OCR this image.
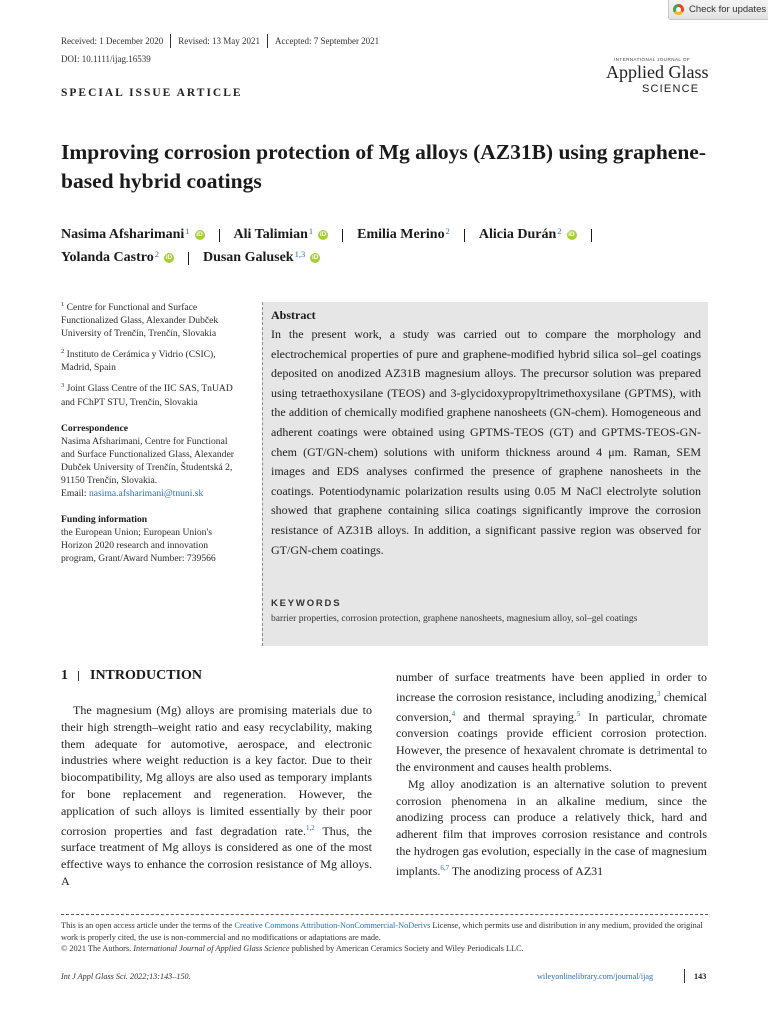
Check for updates
Received: 1 December 2020 Revised: 13 May 2021 Accepted: 7 September 2021
DOI: 10.1111/ijag.16539
SPECIAL ISSUE ARTICLE
INTERNATIONAL JOURNAL OF
Applied Glass
SCIENCE
Improving corrosion protection of Mg alloys (AZ31B) using graphene-based hybrid coatings
Nasima Afsharimani$^1$ iD Ali Talimian$^1$ iD Emilia Merino$^2$ Alicia Durán$^2$ iD
Yolanda Castro$^2$ iD Dusan Galusek$^{1,3}$ iD

$^1$ Centre for Functional and Surface Functionalized Glass, Alexander Dubček University of Trenčín, Trenčín, Slovakia

$^2$ Instituto de Cerámica y Vidrio (CSIC), Madrid, Spain

$^3$ Joint Glass Centre of the IIC SAS, TnUAD and FChPT STU, Trenčín, Slovakia

Correspondence

Nasima Afsharimani, Centre for Functional and Surface Functionalized Glass, Alexander Dubček University of Trenčín, Študentská 2, 91150 Trenčín, Slovakia.
Email: nasima.afsharimani@tnuni.sk

Funding information

the European Union; European Union's Horizon 2020 research and innovation program, Grant/Award Number: 739566

Abstract
In the present work, a study was carried out to compare the morphology and electrochemical properties of pure and graphene-modified hybrid silica sol–gel coatings deposited on anodized AZ31B magnesium alloys. The precursor solution was prepared using tetraethoxysilane (TEOS) and 3-glycidoxypropyltrimethoxysilane (GPTMS), with the addition of chemically modified graphene nanosheets (GN-chem). Homogeneous and adherent coatings were obtained using GPTMS-TEOS (GT) and GPTMS-TEOS-GN-chem (GT/GN-chem) solutions with uniform thickness around 4 μm. Raman, SEM images and EDS analyses confirmed the presence of graphene nanosheets in the coatings. Potentiodynamic polarization results using 0.05 M NaCl electrolyte solution showed that graphene containing silica coatings significantly improve the corrosion resistance of AZ31B alloys. In addition, a significant passive region was observed for GT/GN-chem coatings.
KEYWORDS
barrier properties, corrosion protection, graphene nanosheets, magnesium alloy, sol–gel coatings
1 INTRODUCTION

The magnesium (Mg) alloys are promising materials due to their high strength–weight ratio and easy recyclability, making them adequate for automotive, aerospace, and electronic industries where weight reduction is a key factor. Due to their biocompatibility, Mg alloys are also used as temporary implants for bone replacement and regeneration. However, the application of such alloys is limited essentially by their poor corrosion properties and fast degradation rate.$^{1,2}$ Thus, the surface treatment of Mg alloys is considered as one of the most effective ways to enhance the corrosion resistance of Mg alloys. A

number of surface treatments have been applied in order to increase the corrosion resistance, including anodizing,$^3$ chemical conversion,$^4$ and thermal spraying.$^5$ In particular, chromate conversion coatings provide efficient corrosion protection. However, the presence of hexavalent chromate is detrimental to the environment and causes health problems.

Mg alloy anodization is an alternative solution to prevent corrosion phenomena in an alkaline medium, since the anodizing process can produce a relatively thick, hard and adherent film that improves corrosion resistance and controls the hydrogen gas evolution, especially in the case of magnesium implants.$^{6,7}$ The anodizing process of AZ31

This is an open access article under the terms of the Creative Commons Attribution-NonCommercial-NoDerivs License, which permits use and distribution in any medium, provided the original work is properly cited, the use is non-commercial and no modifications or adaptations are made.

© 2021 The Authors. International Journal of Applied Glass Science published by American Ceramics Society and Wiley Periodicals LLC.

Int J Appl Glass Sci. 2022;13:143–150.	wileyonlinelibrary.com/journal/ijag	143
